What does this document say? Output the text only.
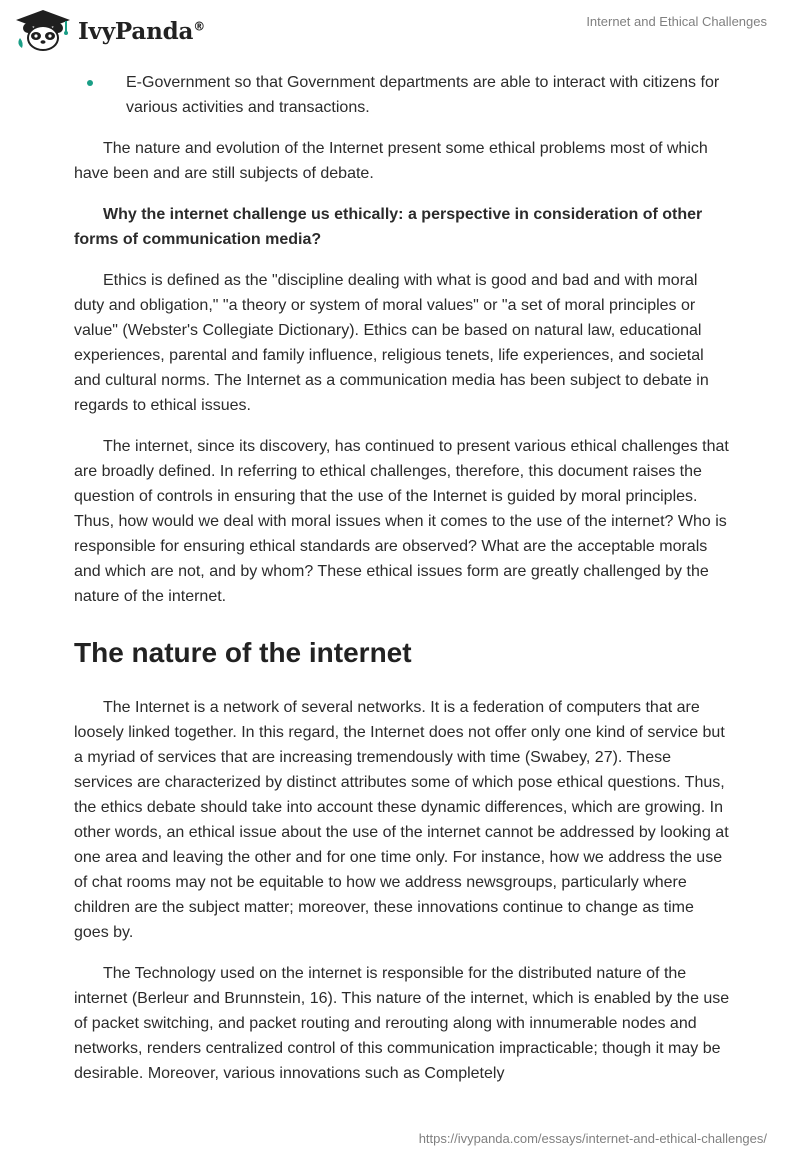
IvyPanda®	Internet and Ethical Challenges
E-Government so that Government departments are able to interact with citizens for various activities and transactions.

The nature and evolution of the Internet present some ethical problems most of which have been and are still subjects of debate.

Why the internet challenge us ethically: a perspective in consideration of other forms of communication media?

Ethics is defined as the "discipline dealing with what is good and bad and with moral duty and obligation," "a theory or system of moral values" or "a set of moral principles or value" (Webster's Collegiate Dictionary). Ethics can be based on natural law, educational experiences, parental and family influence, religious tenets, life experiences, and societal and cultural norms. The Internet as a communication media has been subject to debate in regards to ethical issues.

The internet, since its discovery, has continued to present various ethical challenges that are broadly defined. In referring to ethical challenges, therefore, this document raises the question of controls in ensuring that the use of the Internet is guided by moral principles. Thus, how would we deal with moral issues when it comes to the use of the internet? Who is responsible for ensuring ethical standards are observed? What are the acceptable morals and which are not, and by whom? These ethical issues form are greatly challenged by the nature of the internet.

The nature of the internet

The Internet is a network of several networks. It is a federation of computers that are loosely linked together. In this regard, the Internet does not offer only one kind of service but a myriad of services that are increasing tremendously with time (Swabey, 27). These services are characterized by distinct attributes some of which pose ethical questions. Thus, the ethics debate should take into account these dynamic differences, which are growing. In other words, an ethical issue about the use of the internet cannot be addressed by looking at one area and leaving the other and for one time only. For instance, how we address the use of chat rooms may not be equitable to how we address newsgroups, particularly where children are the subject matter; moreover, these innovations continue to change as time goes by.

The Technology used on the internet is responsible for the distributed nature of the internet (Berleur and Brunnstein, 16). This nature of the internet, which is enabled by the use of packet switching, and packet routing and rerouting along with innumerable nodes and networks, renders centralized control of this communication impracticable; though it may be desirable. Moreover, various innovations such as Completely

https://ivypanda.com/essays/internet-and-ethical-challenges/
